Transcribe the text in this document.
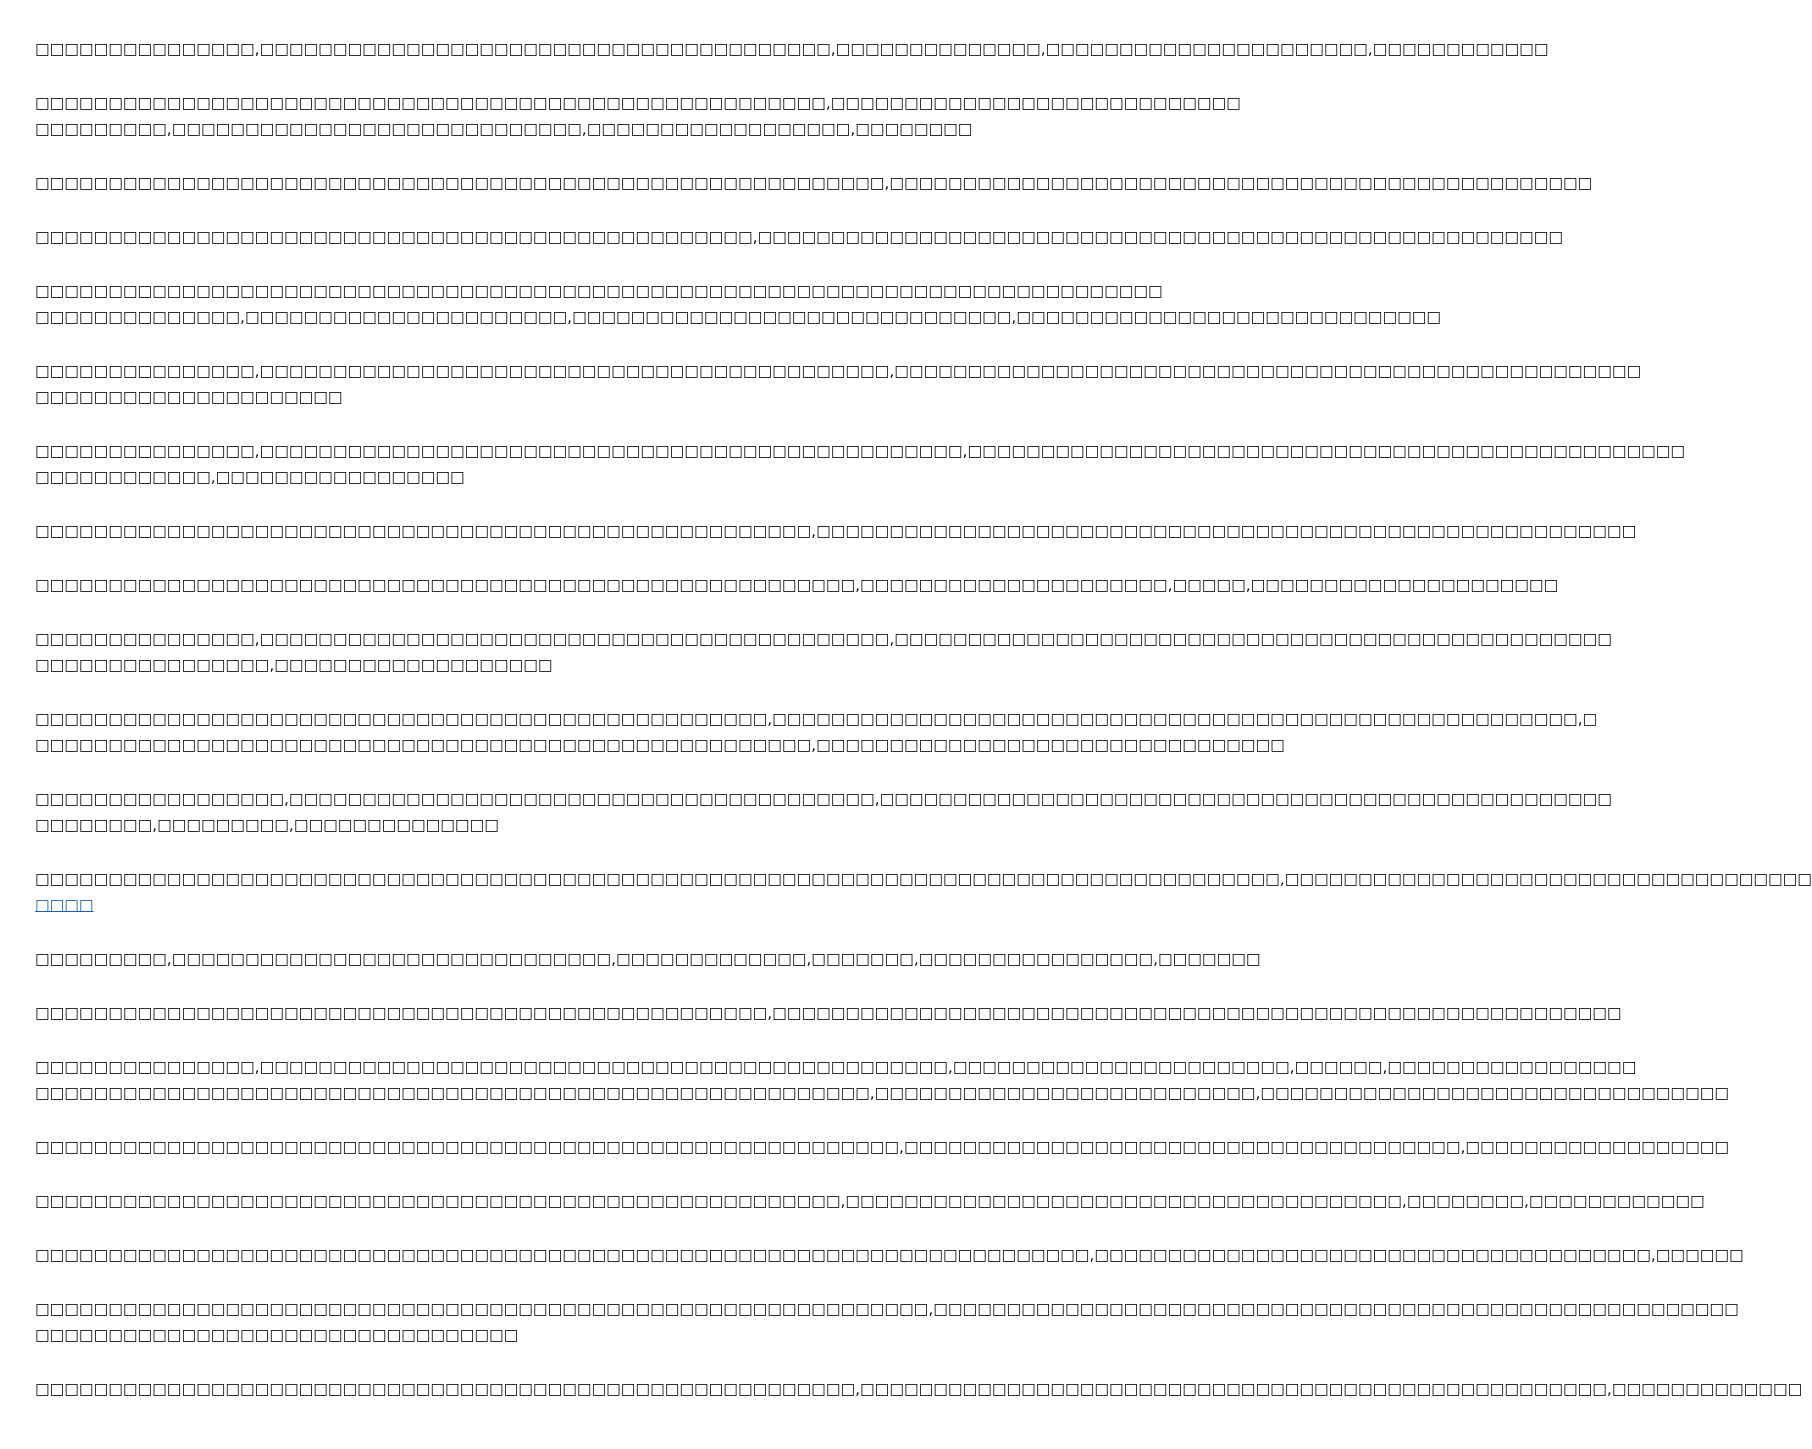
□□□□□□□□□□□□□□□,□□□□□□□□□□□□□□□□□□□□□□□□□□□□□□□□□□□□□□□,□□□□□□□□□□□□□□,□□□□□□□□□□□□□□□□□□□□□□,□□□□□□□□□□□□

□□□□□□□□□□□□□□□□□□□□□□□□□□□□□□□□□□□□□□□□□□□□□□□□□□□□□□,□□□□□□□□□□□□□□□□□□□□□□□□□□□□
□□□□□□□□□,□□□□□□□□□□□□□□□□□□□□□□□□□□□□,□□□□□□□□□□□□□□□□□□,□□□□□□□□

□□□□□□□□□□□□□□□□□□□□□□□□□□□□□□□□□□□□□□□□□□□□□□□□□□□□□□□□□□,□□□□□□□□□□□□□□□□□□□□□□□□□□□□□□□□□□□□□□□□□□□□□□□□

□□□□□□□□□□□□□□□□□□□□□□□□□□□□□□□□□□□□□□□□□□□□□□□□□,□□□□□□□□□□□□□□□□□□□□□□□□□□□□□□□□□□□□□□□□□□□□□□□□□□□□□□□

□□□□□□□□□□□□□□□□□□□□□□□□□□□□□□□□□□□□□□□□□□□□□□□□□□□□□□□□□□□□□□□□□□□□□□□□□□□□□
□□□□□□□□□□□□□□,□□□□□□□□□□□□□□□□□□□□□□,□□□□□□□□□□□□□□□□□□□□□□□□□□□□□□,□□□□□□□□□□□□□□□□□□□□□□□□□□□□□

□□□□□□□□□□□□□□□,□□□□□□□□□□□□□□□□□□□□□□□□□□□□□□□□□□□□□□□□□□□,□□□□□□□□□□□□□□□□□□□□□□□□□□□□□□□□□□□□□□□□□□□□□□□□□□□
□□□□□□□□□□□□□□□□□□□□□

□□□□□□□□□□□□□□□,□□□□□□□□□□□□□□□□□□□□□□□□□□□□□□□□□□□□□□□□□□□□□□□□,□□□□□□□□□□□□□□□□□□□□□□□□□□□□□□□□□□□□□□□□□□□□□□□□□
□□□□□□□□□□□□,□□□□□□□□□□□□□□□□□

□□□□□□□□□□□□□□□□□□□□□□□□□□□□□□□□□□□□□□□□□□□□□□□□□□□□□,□□□□□□□□□□□□□□□□□□□□□□□□□□□□□□□□□□□□□□□□□□□□□□□□□□□□□□□□

□□□□□□□□□□□□□□□□□□□□□□□□□□□□□□□□□□□□□□□□□□□□□□□□□□□□□□□□,□□□□□□□□□□□□□□□□□□□□□,□□□□□,□□□□□□□□□□□□□□□□□□□□□

□□□□□□□□□□□□□□□,□□□□□□□□□□□□□□□□□□□□□□□□□□□□□□□□□□□□□□□□□□□,□□□□□□□□□□□□□□□□□□□□□□□□□□□□□□□□□□□□□□□□□□□□□□□□□
□□□□□□□□□□□□□□□□,□□□□□□□□□□□□□□□□□□□

□□□□□□□□□□□□□□□□□□□□□□□□□□□□□□□□□□□□□□□□□□□□□□□□□□,□□□□□□□□□□□□□□□□□□□□□□□□□□□□□□□□□□□□□□□□□□□□□□□□□□□□□□□,□
□□□□□□□□□□□□□□□□□□□□□□□□□□□□□□□□□□□□□□□□□□□□□□□□□□□□□,□□□□□□□□□□□□□□□□□□□□□□□□□□□□□□□□

□□□□□□□□□□□□□□□□□,□□□□□□□□□□□□□□□□□□□□□□□□□□□□□□□□□□□□□□□□,□□□□□□□□□□□□□□□□□□□□□□□□□□□□□□□□□□□□□□□□□□□□□□□□□□
□□□□□□□□,□□□□□□□□□,□□□□□□□□□□□□□□

□□□□□□□□□□□□□□□□□□□□□□□□□□□□□□□□□□□□□□□□□□□□□□□□□□□□□□□□□□□□□□□□□□□□□□□□□□□□□□□□□□□□□,□□□□□□□□□□□□□□□□□□□□□□□□□□□□□□□□□□□□
□□□□

□□□□□□□□□,□□□□□□□□□□□□□□□□□□□□□□□□□□□□□□,□□□□□□□□□□□□□,□□□□□□□,□□□□□□□□□□□□□□□□,□□□□□□□

□□□□□□□□□□□□□□□□□□□□□□□□□□□□□□□□□□□□□□□□□□□□□□□□□□,□□□□□□□□□□□□□□□□□□□□□□□□□□□□□□□□□□□□□□□□□□□□□□□□□□□□□□□□□□

□□□□□□□□□□□□□□□,□□□□□□□□□□□□□□□□□□□□□□□□□□□□□□□□□□□□□□□□□□□□□□□,□□□□□□□□□□□□□□□□□□□□□□□,□□□□□□,□□□□□□□□□□□□□□□□□
□□□□□□□□□□□□□□□□□□□□□□□□□□□□□□□□□□□□□□□□□□□□□□□□□□□□□□□□□,□□□□□□□□□□□□□□□□□□□□□□□□□□,□□□□□□□□□□□□□□□□□□□□□□□□□□□□□□□□

□□□□□□□□□□□□□□□□□□□□□□□□□□□□□□□□□□□□□□□□□□□□□□□□□□□□□□□□□□□,□□□□□□□□□□□□□□□□□□□□□□□□□□□□□□□□□□□□□□,□□□□□□□□□□□□□□□□□□

□□□□□□□□□□□□□□□□□□□□□□□□□□□□□□□□□□□□□□□□□□□□□□□□□□□□□□□,□□□□□□□□□□□□□□□□□□□□□□□□□□□□□□□□□□□□□□,□□□□□□□□,□□□□□□□□□□□□

□□□□□□□□□□□□□□□□□□□□□□□□□□□□□□□□□□□□□□□□□□□□□□□□□□□□□□□□□□□□□□□□□□□□□□□□,□□□□□□□□□□□□□□□□□□□□□□□□□□□□□□□□□□□□□□,□□□□□□

□□□□□□□□□□□□□□□□□□□□□□□□□□□□□□□□□□□□□□□□□□□□□□□□□□□□□□□□□□□□□,□□□□□□□□□□□□□□□□□□□□□□□□□□□□□□□□□□□□□□□□□□□□□□□□□□□□□□□
□□□□□□□□□□□□□□□□□□□□□□□□□□□□□□□□□

□□□□□□□□□□□□□□□□□□□□□□□□□□□□□□□□□□□□□□□□□□□□□□□□□□□□□□□□,□□□□□□□□□□□□□□□□□□□□□□□□□□□□□□□□□□□□□□□□□□□□□□□□□□□,□□□□□□□□□□□□□
